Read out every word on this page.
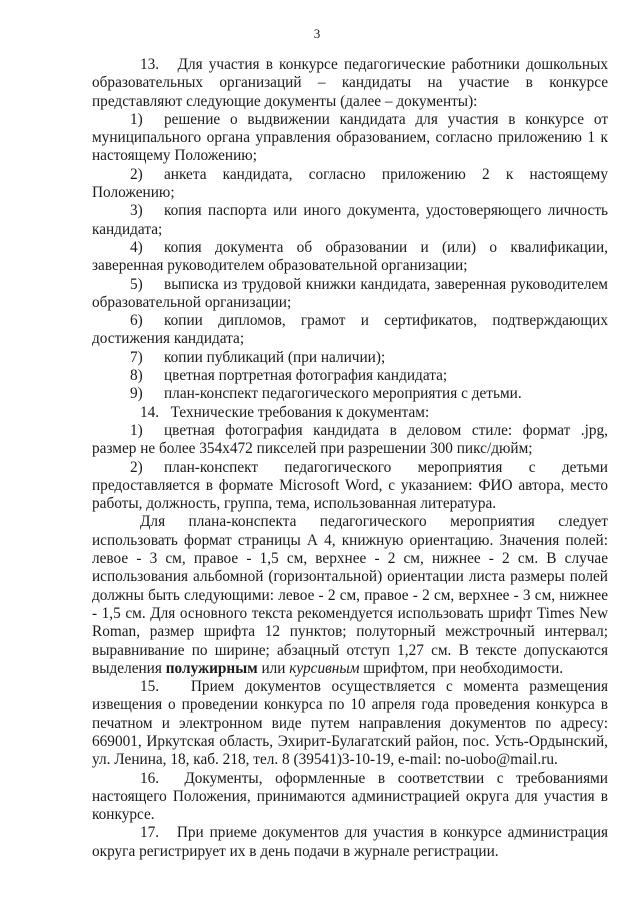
3

13.   Для участия в конкурсе педагогические работники дошкольных образовательных организаций – кандидаты на участие в конкурсе представляют следующие документы (далее – документы):

1) решение о выдвижении кандидата для участия в конкурсе от муниципального органа управления образованием, согласно приложению 1 к настоящему Положению;

2) анкета кандидата, согласно приложению 2 к настоящему Положению;

3) копия паспорта или иного документа, удостоверяющего личность кандидата;

4) копия документа об образовании и (или) о квалификации, заверенная руководителем образовательной организации;

5) выписка из трудовой книжки кандидата, заверенная руководителем образовательной организации;

6) копии дипломов, грамот и сертификатов, подтверждающих достижения кандидата;

7) копии публикаций (при наличии);

8) цветная портретная фотография кандидата;

9) план-конспект педагогического мероприятия с детьми.

14.   Технические требования к документам:

1) цветная фотография кандидата в деловом стиле: формат .jpg, размер не более 354x472 пикселей при разрешении 300 пикс/дюйм;

2) план-конспект педагогического мероприятия с детьми предоставляется в формате Microsoft Word, с указанием: ФИО автора, место работы, должность, группа, тема, использованная литература.

Для плана-конспекта педагогического мероприятия следует использовать формат страницы А 4, книжную ориентацию. Значения полей: левое - 3 см, правое - 1,5 см, верхнее - 2 см, нижнее - 2 см. В случае использования альбомной (горизонтальной) ориентации листа размеры полей должны быть следующими: левое - 2 см, правое - 2 см, верхнее - 3 см, нижнее - 1,5 см. Для основного текста рекомендуется использовать шрифт Times New Roman, размер шрифта 12 пунктов; полуторный межстрочный интервал; выравнивание по ширине; абзацный отступ 1,27 см. В тексте допускаются выделения полужирным или курсивным шрифтом, при необходимости.

15.   Прием документов осуществляется с момента размещения извещения о проведении конкурса по 10 апреля года проведения конкурса в печатном и электронном виде путем направления документов по адресу: 669001, Иркутская область, Эхирит-Булагатский район, пос. Усть-Ордынский, ул. Ленина, 18, каб. 218, тел. 8 (39541)3-10-19, e-mail: no-uobo@mail.ru.

16.  Документы, оформленные в соответствии с требованиями настоящего Положения, принимаются администрацией округа для участия в конкурсе.

17.   При приеме документов для участия в конкурсе администрация округа регистрирует их в день подачи в журнале регистрации.
